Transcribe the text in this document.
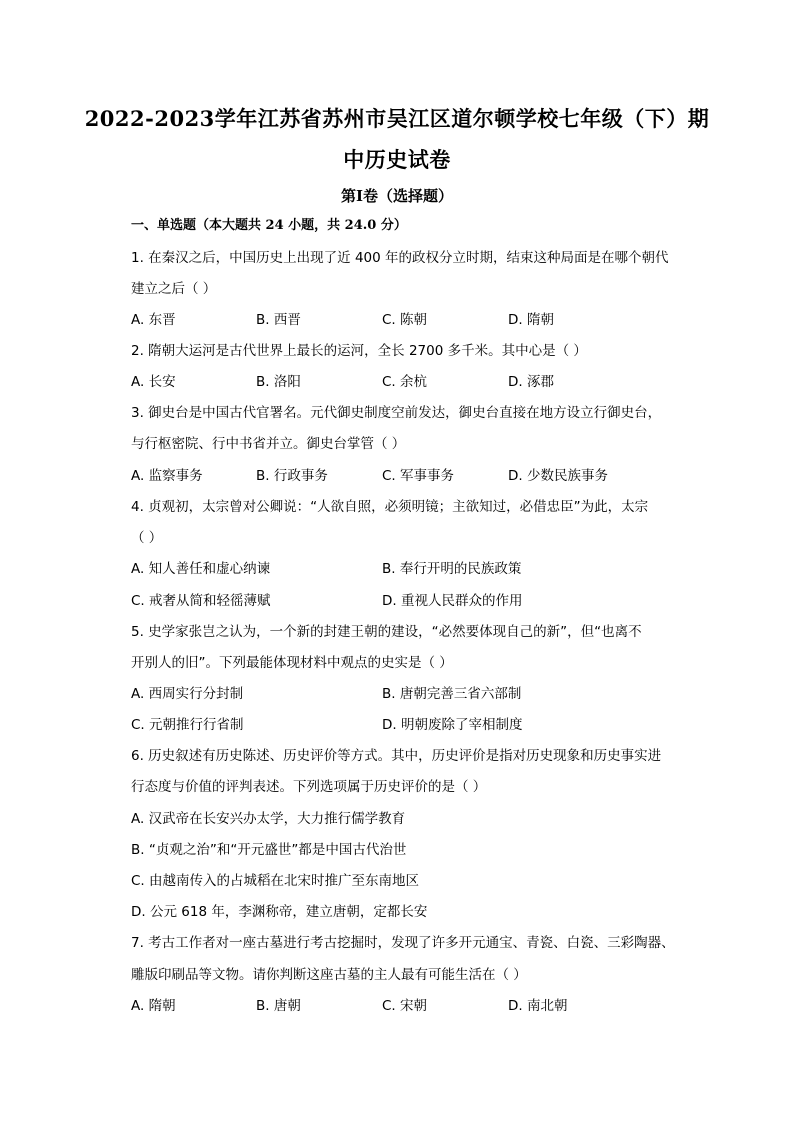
2022-2023学年江苏省苏州市吴江区道尔顿学校七年级（下）期
中历史试卷
第I卷（选择题）
一、单选题（本大题共 24 小题，共 24.0 分）
1. 在秦汉之后，中国历史上出现了近 400 年的政权分立时期，结束这种局面是在哪个朝代
建立之后（ ）
A. 东晋	B. 西晋	C. 陈朝	D. 隋朝
2. 隋朝大运河是古代世界上最长的运河，全长 2700 多千米。其中心是（ ）
A. 长安	B. 洛阳	C. 余杭	D. 涿郡
3. 御史台是中国古代官署名。元代御史制度空前发达，御史台直接在地方设立行御史台，
与行枢密院、行中书省并立。御史台掌管（ ）
A. 监察事务	B. 行政事务	C. 军事事务	D. 少数民族事务
4. 贞观初，太宗曾对公卿说：“人欲自照，必须明镜；主欲知过，必借忠臣”为此，太宗
（ ）
A. 知人善任和虚心纳谏	B. 奉行开明的民族政策
C. 戒奢从简和轻徭薄赋	D. 重视人民群众的作用
5. 史学家张岂之认为，一个新的封建王朝的建设，“必然要体现自己的新”，但“也离不
开别人的旧”。下列最能体现材料中观点的史实是（ ）
A. 西周实行分封制	B. 唐朝完善三省六部制
C. 元朝推行行省制	D. 明朝废除了宰相制度
6. 历史叙述有历史陈述、历史评价等方式。其中，历史评价是指对历史现象和历史事实进
行态度与价值的评判表述。下列选项属于历史评价的是（ ）
A. 汉武帝在长安兴办太学，大力推行儒学教育
B. “贞观之治”和“开元盛世”都是中国古代治世
C. 由越南传入的占城稻在北宋时推广至东南地区
D. 公元 618 年，李渊称帝，建立唐朝，定都长安
7. 考古工作者对一座古墓进行考古挖掘时，发现了许多开元通宝、青瓷、白瓷、三彩陶器、
雕版印刷品等文物。请你判断这座古墓的主人最有可能生活在（ ）
A. 隋朝	B. 唐朝	C. 宋朝	D. 南北朝
